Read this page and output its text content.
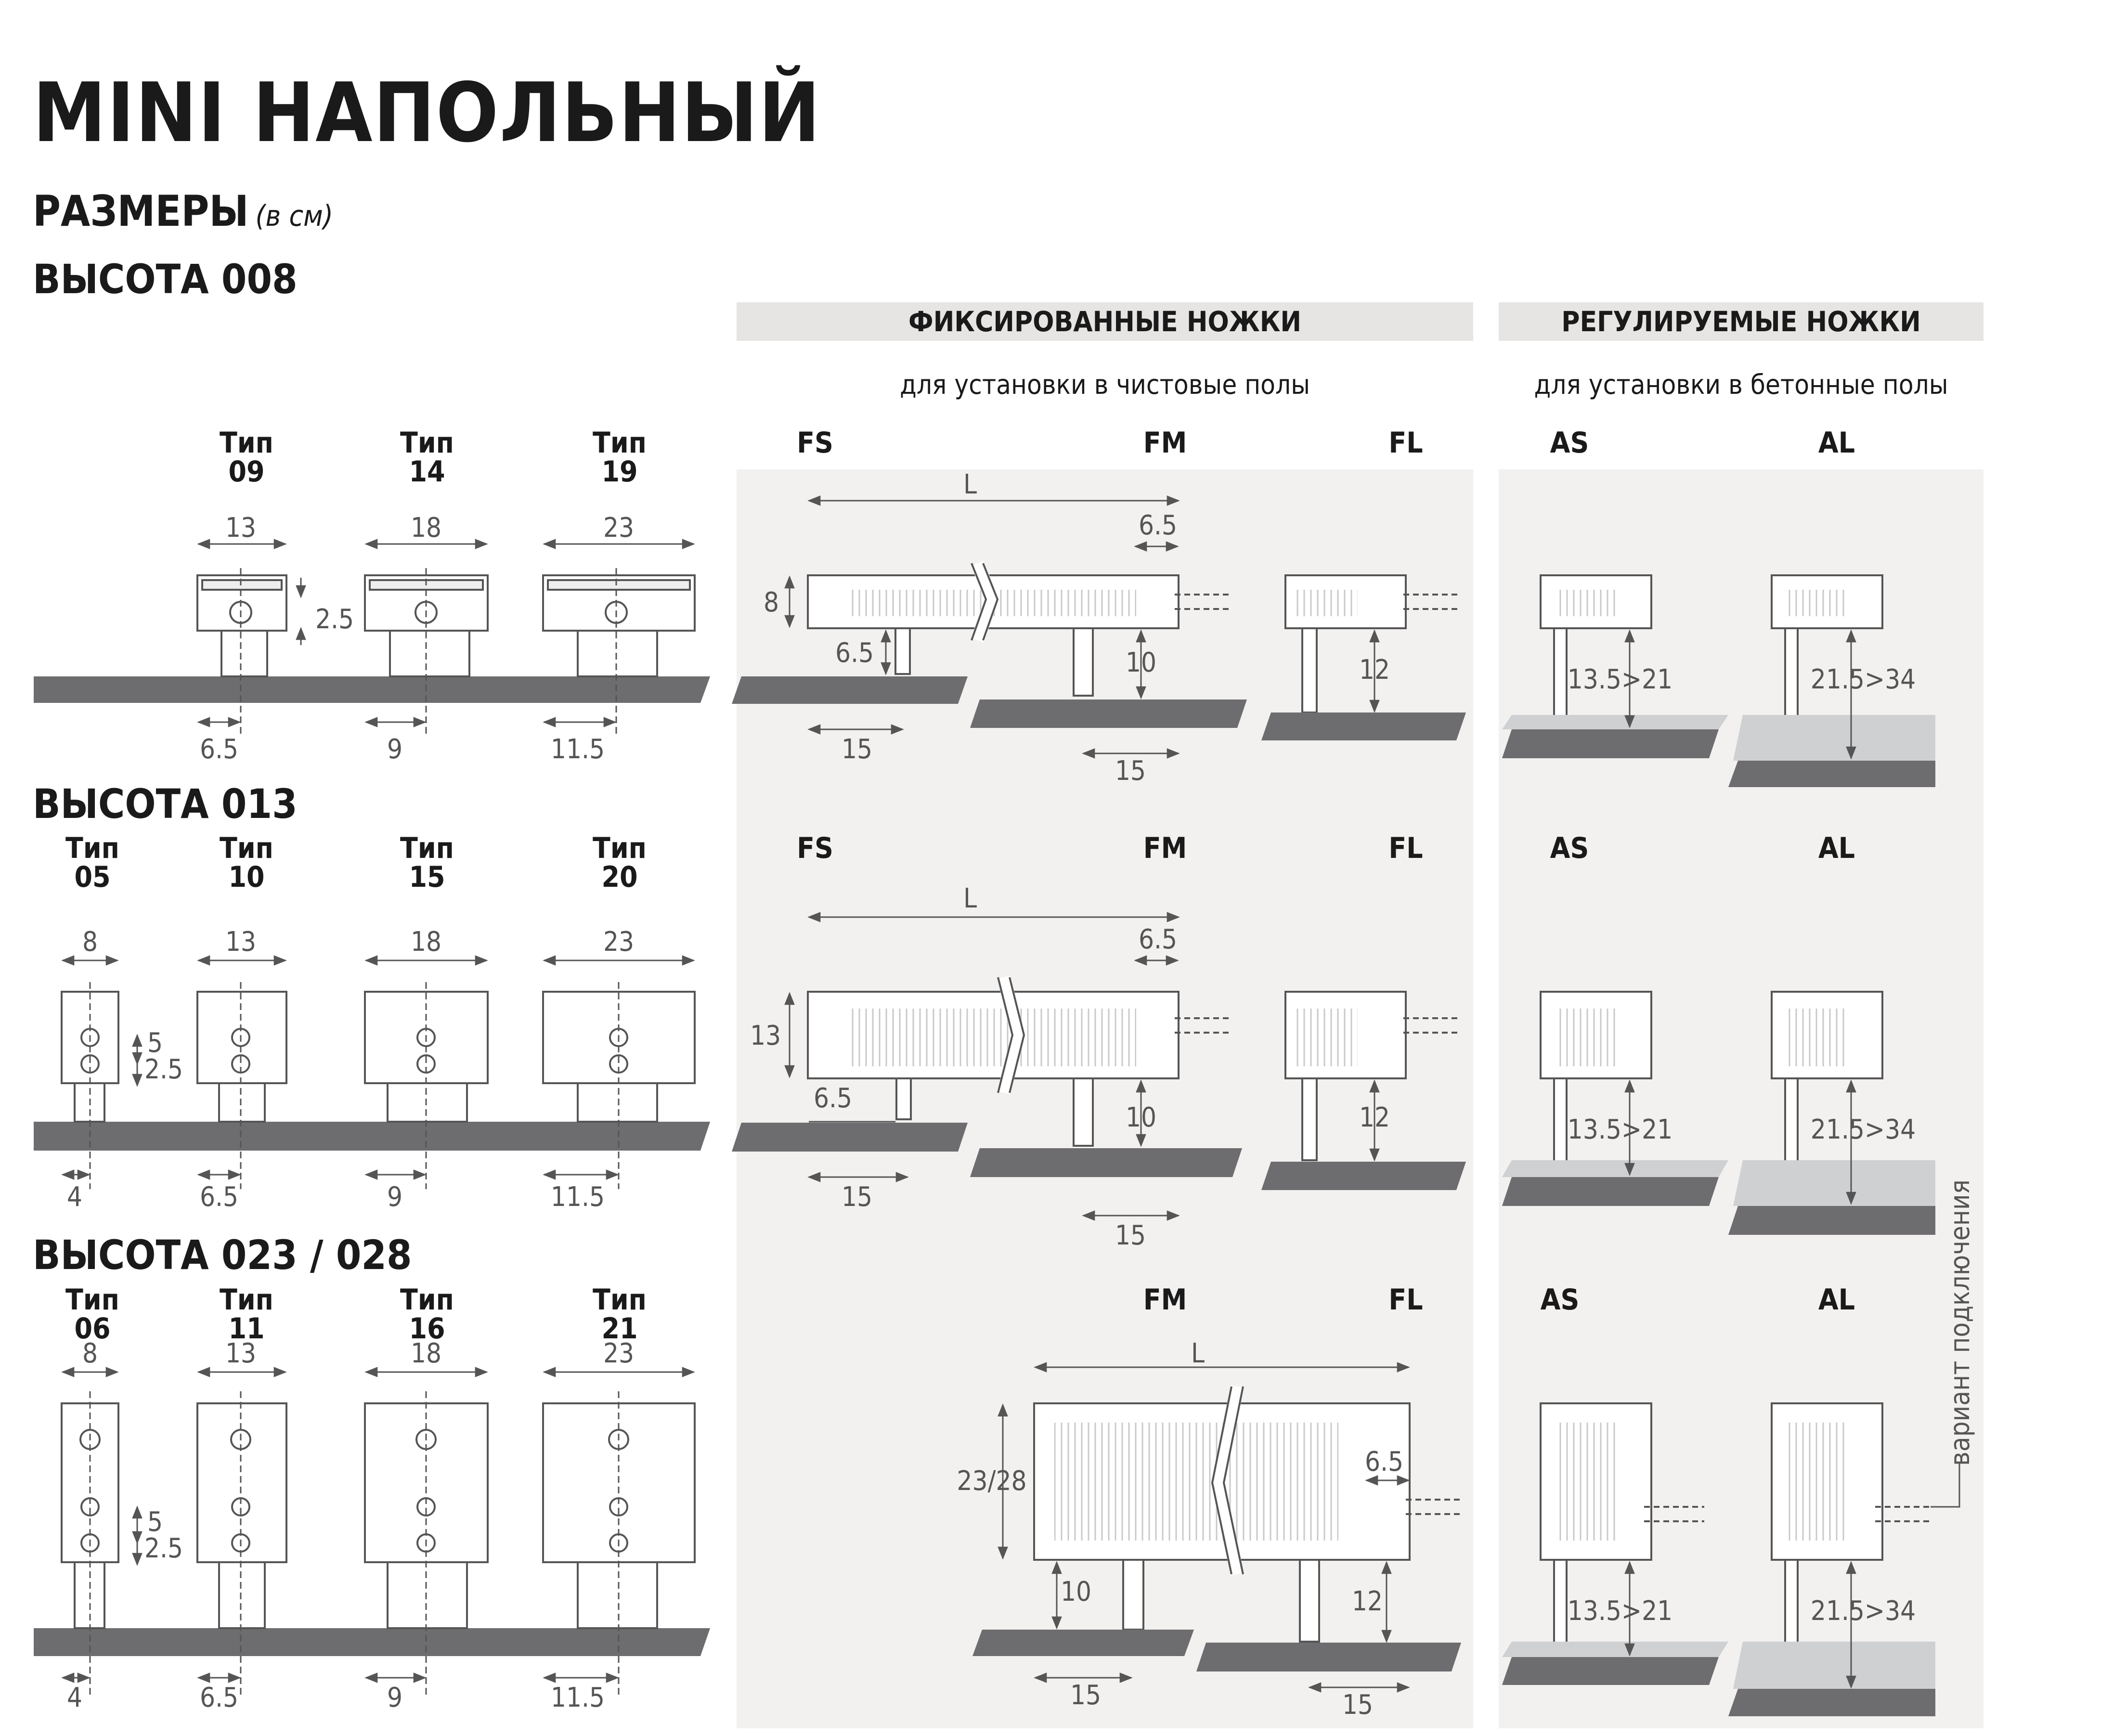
MINI НАПОЛЬНЫЙ
РАЗМЕРЫ (в см)
ВЫСОТА 008
ВЫСОТА 013
ВЫСОТА 023 / 028
ФИКСИРОВАННЫЕ НОЖКИ	РЕГУЛИРУЕМЫЕ НОЖКИ
для установки в чистовые полы	для установки в бетонные полы
Тип 09
Тип 14
Тип 19
FS	FM	FL	AS	AL
Тип 05
Тип 10
Тип 15
Тип 20
FS	FM	FL	AS	AL
Тип 06
Тип 11
Тип 16
Тип 21
FM	FL	AS	AL
13	18	23
6.5	9	11.5
2.5
L
6.5
8
6.5	10
15
15
12	13.5>21	21.5>34
8	13	18	23
4	6.5	9	11.5
5
2.5
L
6.5
13
6.5
10
15
15
12	13.5>21	21.5>34
8	13	18	23
4	6.5	9	11.5
5
2.5
L
6.5
23/28
10	12
15	15
13.5>21	21.5>34
вариант подключения
